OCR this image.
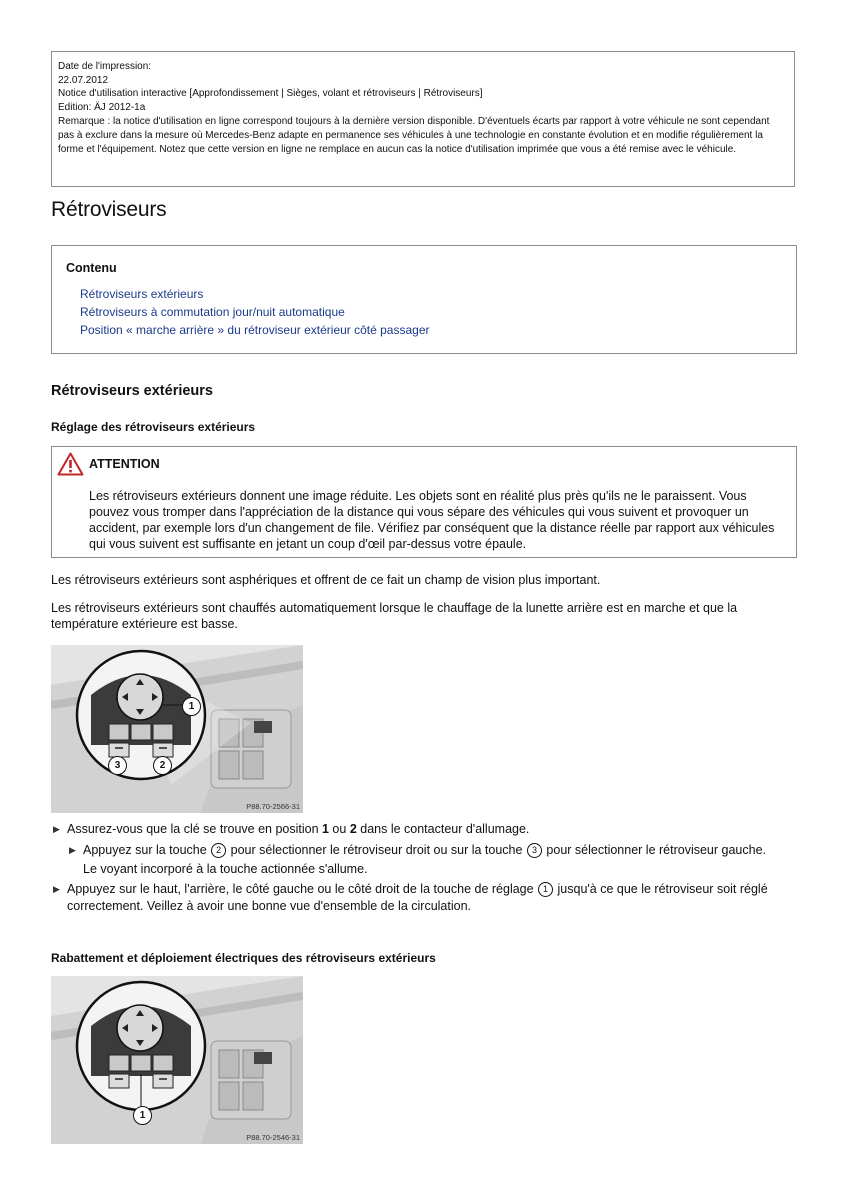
Date de l'impression:
22.07.2012
Notice d'utilisation interactive [Approfondissement | Sièges, volant et rétroviseurs | Rétroviseurs]
Edition: ÄJ 2012-1a
Remarque : la notice d'utilisation en ligne correspond toujours à la dernière version disponible. D'éventuels écarts par rapport à votre véhicule ne sont cependant pas à exclure dans la mesure où Mercedes-Benz adapte en permanence ses véhicules à une technologie en constante évolution et en modifie régulièrement la forme et l'équipement. Notez que cette version en ligne ne remplace en aucun cas la notice d'utilisation imprimée que vous a été remise avec le véhicule.
Rétroviseurs
Contenu
Rétroviseurs extérieurs
Rétroviseurs à commutation jour/nuit automatique
Position « marche arrière » du rétroviseur extérieur côté passager
Rétroviseurs extérieurs
Réglage des rétroviseurs extérieurs
ATTENTION
Les rétroviseurs extérieurs donnent une image réduite. Les objets sont en réalité plus près qu'ils ne le paraissent. Vous pouvez vous tromper dans l'appréciation de la distance qui vous sépare des véhicules qui vous suivent et provoquer un accident, par exemple lors d'un changement de file. Vérifiez par conséquent que la distance réelle par rapport aux véhicules qui vous suivent est suffisante en jetant un coup d'œil par-dessus votre épaule.

Les rétroviseurs extérieurs sont asphériques et offrent de ce fait un champ de vision plus important.

Les rétroviseurs extérieurs sont chauffés automatiquement lorsque le chauffage de la lunette arrière est en marche et que la température extérieure est basse.

1
3	2
P88.70-2566-31
▶ Assurez-vous que la clé se trouve en position 1 ou 2 dans le contacteur d'allumage.
▶ Appuyez sur la touche 2 pour sélectionner le rétroviseur droit ou sur la touche 3 pour sélectionner le rétroviseur gauche.
Le voyant incorporé à la touche actionnée s'allume.
▶ Appuyez sur le haut, l'arrière, le côté gauche ou le côté droit de la touche de réglage 1 jusqu'à ce que le rétroviseur soit réglé
correctement. Veillez à avoir une bonne vue d'ensemble de la circulation.
Rabattement et déploiement électriques des rétroviseurs extérieurs
1
P88.70-2546-31
